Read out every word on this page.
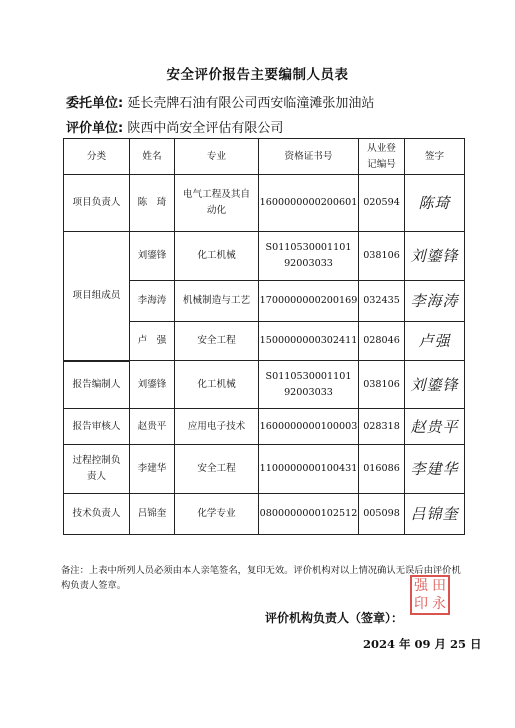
安全评价报告主要编制人员表
委托单位: 延长壳牌石油有限公司西安临潼滩张加油站
评价单位: 陕西中尚安全评估有限公司
分类	姓名	专业	资格证书号	从业登记编号	签字
项目负责人	陈　琦	电气工程及其自动化	1600000000200601	020594	陈琦
项目组成员	刘鎏锋	化工机械	S011053000110192003033	038106	刘鎏锋
	李海涛	机械制造与工艺	1700000000200169	032435	李海涛
	卢　强	安全工程	1500000000302411	028046	卢强
报告编制人	刘鎏锋	化工机械	S011053000110192003033	038106	刘鎏锋
报告审核人	赵贵平	应用电子技术	1600000000100003	028318	赵贵平
过程控制负责人	李建华	安全工程	1100000000100431	016086	李建华
技术负责人	吕锦奎	化学专业	0800000000102512	005098	吕锦奎
备注：上表中所列人员必须由本人亲笔签名，复印无效。评价机构对以上情况确认无误后由评价机构负责人签章。	强 田
印 永
评价机构负责人（签章）：
2024 年 09 月 25 日
